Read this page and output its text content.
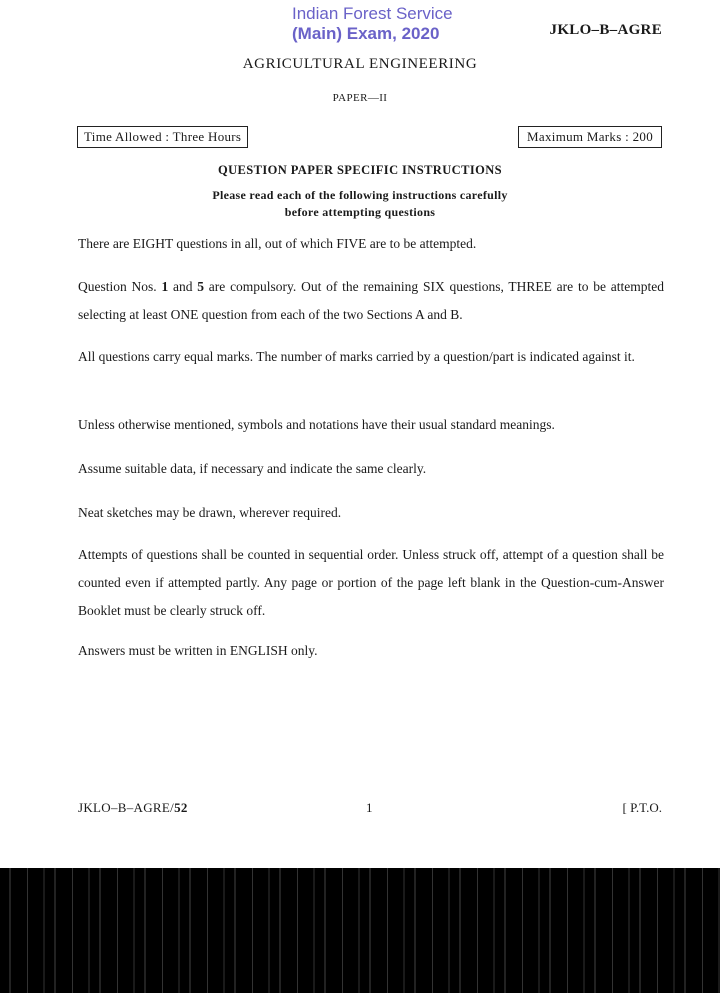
Indian Forest Service
(Main) Exam, 2020	JKLO–B–AGRE
AGRICULTURAL ENGINEERING
PAPER—II
Time Allowed : Three Hours	Maximum Marks : 200
QUESTION PAPER SPECIFIC INSTRUCTIONS
Please read each of the following instructions carefully
before attempting questions
There are EIGHT questions in all, out of which FIVE are to be attempted.
Question Nos. 1 and 5 are compulsory. Out of the remaining SIX questions, THREE are to be attempted selecting at least ONE question from each of the two Sections A and B.
All questions carry equal marks. The number of marks carried by a question/part is indicated against it.
Unless otherwise mentioned, symbols and notations have their usual standard meanings.
Assume suitable data, if necessary and indicate the same clearly.
Neat sketches may be drawn, wherever required.
Attempts of questions shall be counted in sequential order. Unless struck off, attempt of a question shall be counted even if attempted partly. Any page or portion of the page left blank in the Question-cum-Answer Booklet must be clearly struck off.
Answers must be written in ENGLISH only.
JKLO–B–AGRE/52	1	[ P.T.O.
